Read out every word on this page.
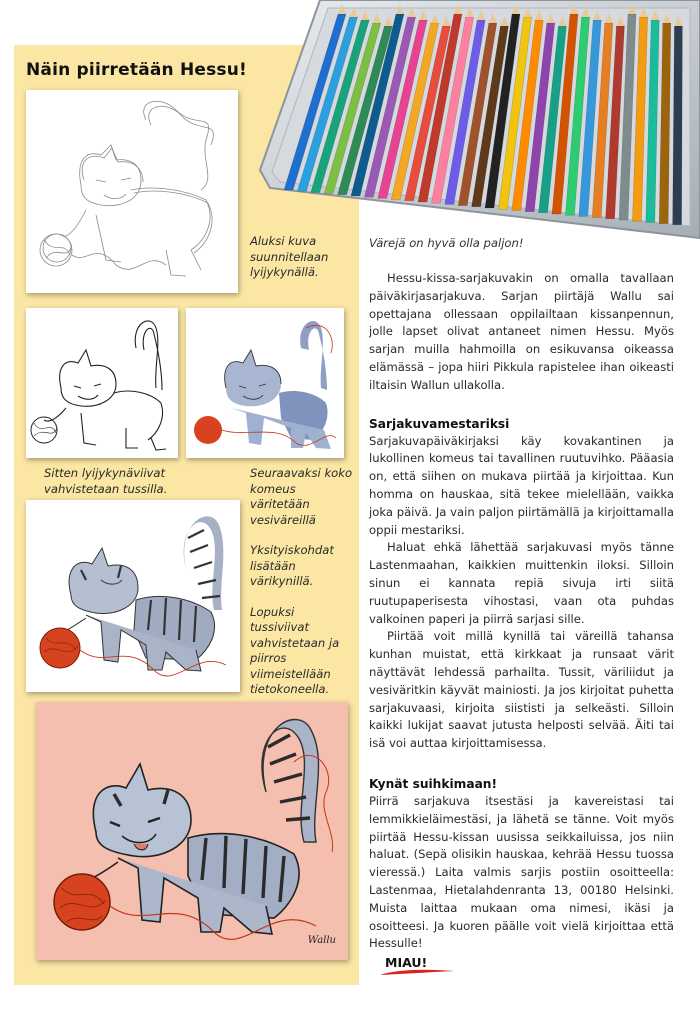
Näin piirretään Hessu!
Aluksi kuva suunnitellaan lyijykynällä.
Sitten lyijykynäviivat vahvistetaan tussilla.

Seuraavaksi koko komeus väritetään vesiväreillä

Yksityiskohdat lisätään värikynillä.

Lopuksi tussiviivat vahvistetaan ja piirros viimeistellään tietokoneella.

Wallu
Värejä on hyvä olla paljon!

Hessu-kissa-sarjakuvakin on omalla tavallaan päiväkirjasarjakuva. Sarjan piirtäjä Wallu sai opettajana ollessaan oppilailtaan kissanpennun, jolle lapset olivat antaneet nimen Hessu. Myös sarjan muilla hahmoilla on esikuvansa oikeassa elämässä – jopa hiiri Pikkula rapistelee ihan oikeasti iltaisin Wallun ullakolla.

Sarjakuvamestariksi

Sarjakuvapäiväkirjaksi käy kovakantinen ja lukollinen komeus tai tavallinen ruutuvihko. Pääasia on, että siihen on mukava piirtää ja kirjoittaa. Kun homma on hauskaa, sitä tekee mielellään, vaikka joka päivä. Ja vain paljon piirtämällä ja kirjoittamalla oppii mestariksi.

Haluat ehkä lähettää sarjakuvasi myös tänne Lastenmaahan, kaikkien muittenkin iloksi. Silloin sinun ei kannata repiä sivuja irti siitä ruutupaperisesta vihostasi, vaan ota puhdas valkoinen paperi ja piirrä sarjasi sille.

Piirtää voit millä kynillä tai väreillä tahansa kunhan muistat, että kirkkaat ja runsaat värit näyttävät lehdessä parhailta. Tussit, väriliidut ja vesiväritkin käyvät mainiosti. Ja jos kirjoitat puhetta sarjakuvaasi, kirjoita siististi ja selkeästi. Silloin kaikki lukijat saavat jutusta helposti selvää. Äiti tai isä voi auttaa kirjoittamisessa.

Kynät suihkimaan!

Piirrä sarjakuva itsestäsi ja kavereistasi tai lemmikkieläimestäsi, ja lähetä se tänne. Voit myös piirtää Hessu-kissan uusissa seikkailuissa, jos niin haluat. (Sepä olisikin hauskaa, kehrää Hessu tuossa vieressä.) Laita valmis sarjis postiin osoitteella: Lastenmaa, Hietalahdenranta 13, 00180 Helsinki. Muista laittaa mukaan oma nimesi, ikäsi ja osoitteesi. Ja kuoren päälle voit vielä kirjoittaa että Hessulle!

MIAU!
